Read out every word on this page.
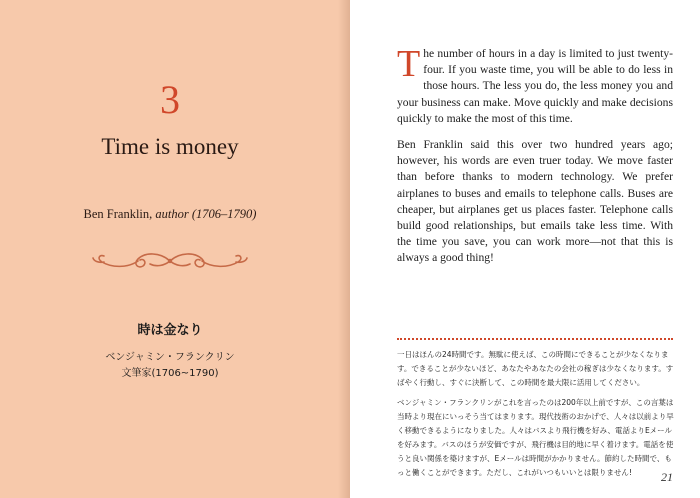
3
Time is money
Ben Franklin, author (1706–1790)
時は金なり
ベンジャミン・フランクリン
文筆家(1706~1790)

The number of hours in a day is limited to just twenty-four. If you waste time, you will be able to do less in those hours. The less you do, the less money you and your business can make. Move quickly and make decisions quickly to make the most of this time.

Ben Franklin said this over two hundred years ago; however, his words are even truer today. We move faster than before thanks to modern technology. We prefer airplanes to buses and emails to telephone calls. Buses are cheaper, but airplanes get us places faster. Telephone calls build good relationships, but emails take less time. With the time you save, you can work more—not that this is always a good thing!

一日はほんの24時間です。無駄に使えば、この時間にできることが少なくなります。できることが少ないほど、あなたやあなたの会社の稼ぎは少なくなります。すばやく行動し、すぐに決断して、この時間を最大限に活用してください。

ベンジャミン・フランクリンがこれを言ったのは200年以上前ですが、この言葉は当時より現在にいっそう当てはまります。現代技術のおかげで、人々は以前より早く移動できるようになりました。人々はバスより飛行機を好み、電話よりEメールを好みます。バスのほうが安価ですが、飛行機は目的地に早く着けます。電話を使うと良い関係を築けますが、Eメールは時間がかかりません。節約した時間で、もっと働くことができます。ただし、これがいつもいいとは限りません!	21
